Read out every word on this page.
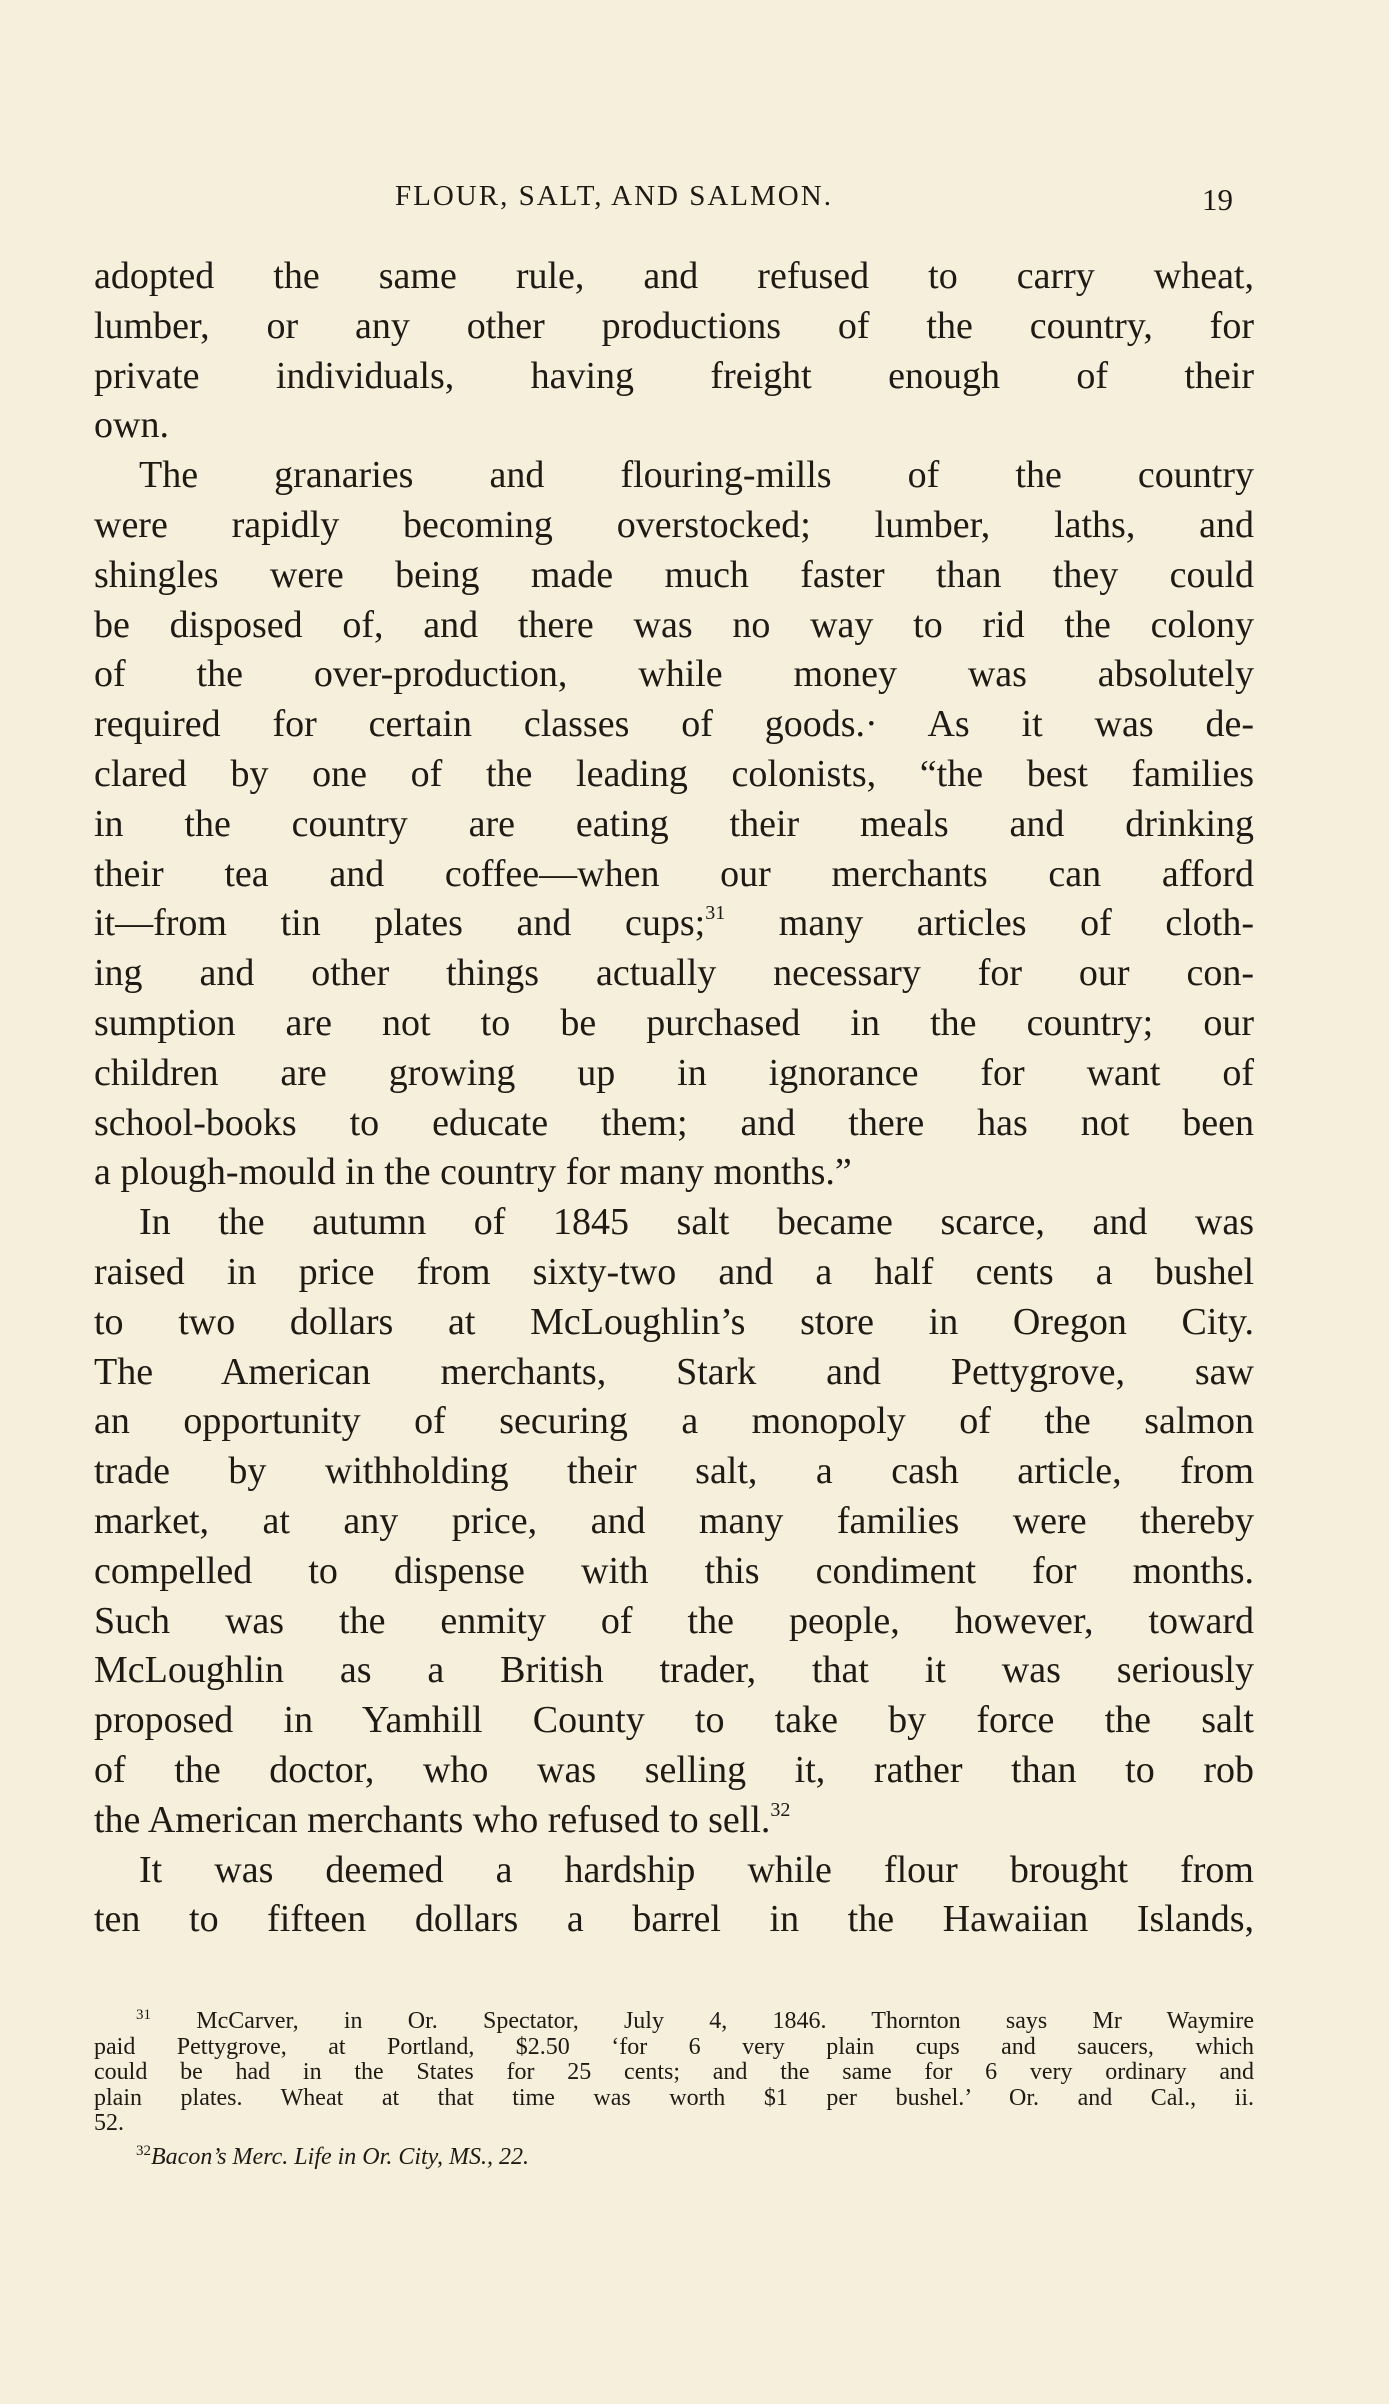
FLOUR, SALT, AND SALMON.	19
adopted the same rule, and refused to carry wheat,
lumber, or any other productions of the country, for
private individuals, having freight enough of their
own.
The granaries and flouring-mills of the country
were rapidly becoming overstocked; lumber, laths, and
shingles were being made much faster than they could
be disposed of, and there was no way to rid the colony
of the over-production, while money was absolutely
required for certain classes of goods.· As it was de-
clared by one of the leading colonists, “the best families
in the country are eating their meals and drinking
their tea and coffee—when our merchants can afford
it—from tin plates and cups;$^{31}$ many articles of cloth-
ing and other things actually necessary for our con-
sumption are not to be purchased in the country; our
children are growing up in ignorance for want of
school-books to educate them; and there has not been
a plough-mould in the country for many months.”
In the autumn of 1845 salt became scarce, and was
raised in price from sixty-two and a half cents a bushel
to two dollars at McLoughlin’s store in Oregon City.
The American merchants, Stark and Pettygrove, saw
an opportunity of securing a monopoly of the salmon
trade by withholding their salt, a cash article, from
market, at any price, and many families were thereby
compelled to dispense with this condiment for months.
Such was the enmity of the people, however, toward
McLoughlin as a British trader, that it was seriously
proposed in Yamhill County to take by force the salt
of the doctor, who was selling it, rather than to rob
the American merchants who refused to sell.$^{32}$
It was deemed a hardship while flour brought from
ten to fifteen dollars a barrel in the Hawaiian Islands,
$^{31}$ McCarver, in Or. Spectator, July 4, 1846. Thornton says Mr Waymire
paid Pettygrove, at Portland, $2.50 ‘for 6 very plain cups and saucers, which
could be had in the States for 25 cents; and the same for 6 very ordinary and
plain plates. Wheat at that time was worth $1 per bushel.’ Or. and Cal., ii.
52.
$^{32}$Bacon’s Merc. Life in Or. City, MS., 22.
